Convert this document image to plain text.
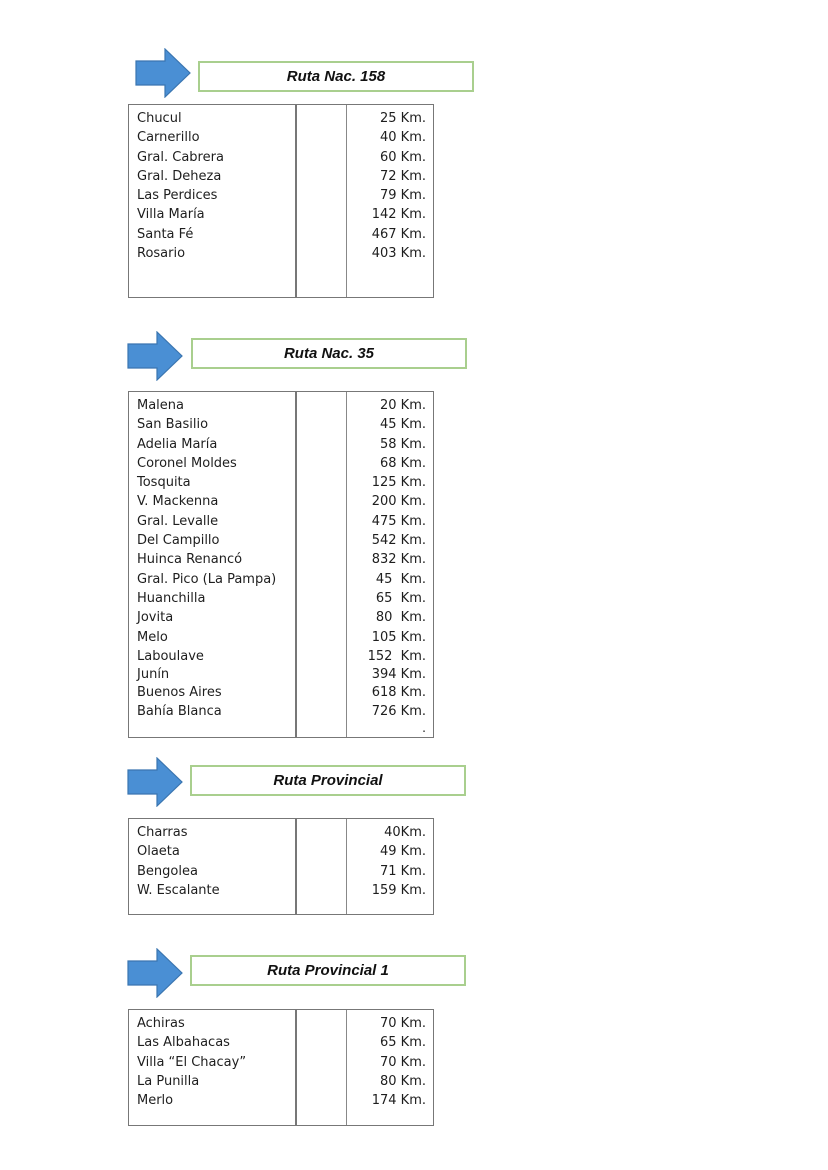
Ruta Nac. 158
Chucul
Carnerillo
Gral. Cabrera
Gral. Deheza
Las Perdices
Villa María
Santa Fé
Rosario
25 Km.
40 Km.
60 Km.
72 Km.
79 Km.
142 Km.
467 Km.
403 Km.
Ruta Nac. 35
Malena
San Basilio
Adelia María
Coronel Moldes
Tosquita
V. Mackenna
Gral. Levalle
Del Campillo
Huinca Renancó
Gral. Pico (La Pampa)
Huanchilla
Jovita
Melo
Laboulave
Junín
Buenos Aires
Bahía Blanca
20 Km.
45 Km.
58 Km.
68 Km.
125 Km.
200 Km.
475 Km.
542 Km.
832 Km.
45  Km.
65  Km.
80  Km.
105 Km.
152  Km.
394 Km.
618 Km.
726 Km.
.
Ruta Provincial
Charras
Olaeta
Bengolea
W. Escalante
40Km.
49 Km.
71 Km.
159 Km.
Ruta Provincial 1
Achiras
Las Albahacas
Villa “El Chacay”
La Punilla
Merlo
70 Km.
65 Km.
70 Km.
80 Km.
174 Km.
